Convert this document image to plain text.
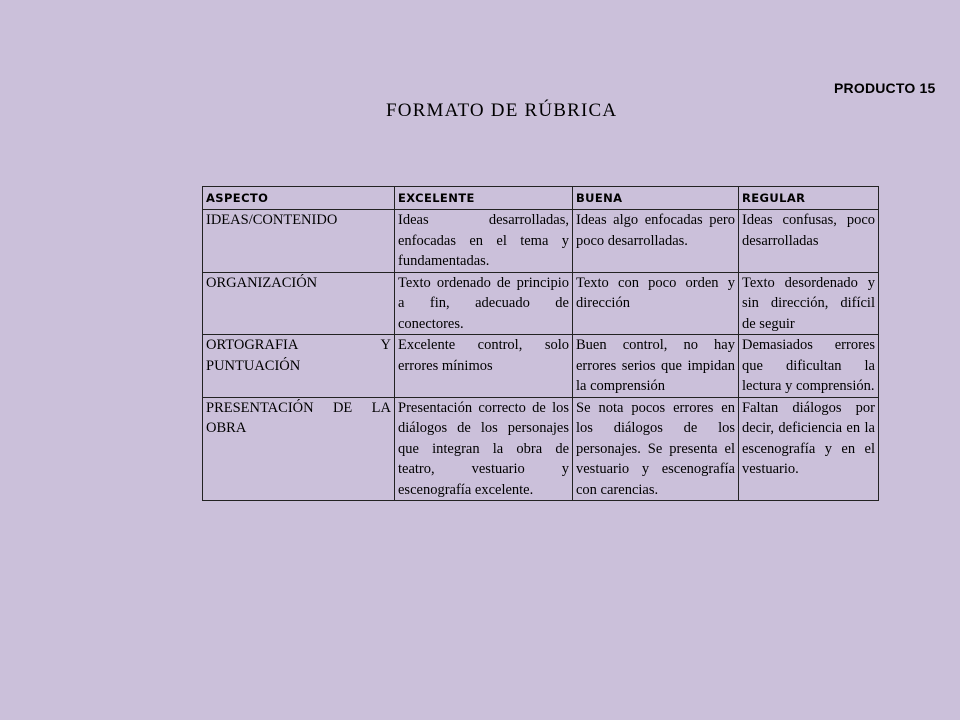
PRODUCTO 15
FORMATO DE RÚBRICA
ASPECTO	EXCELENTE	BUENA	REGULAR
IDEAS/CONTENIDO	Ideas desarrolladas, enfocadas en el tema y fundamentadas.	Ideas algo enfocadas pero poco desarrolladas.	Ideas confusas, poco desarrolladas
ORGANIZACIÓN	Texto ordenado de principio a fin, adecuado de conectores.	Texto con poco orden y dirección	Texto desordenado y sin dirección, difícil de seguir
ORTOGRAFIA Y PUNTUACIÓN	Excelente control, solo errores mínimos	Buen control, no hay errores serios que impidan la comprensión	Demasiados errores que dificultan la lectura y comprensión.
PRESENTACIÓN DE LA OBRA	Presentación correcto de los diálogos de los personajes que integran la obra de teatro, vestuario y escenografía excelente.	Se nota pocos errores en los diálogos de los personajes. Se presenta el vestuario y escenografía con carencias.	Faltan diálogos por decir, deficiencia en la escenografía y en el vestuario.
